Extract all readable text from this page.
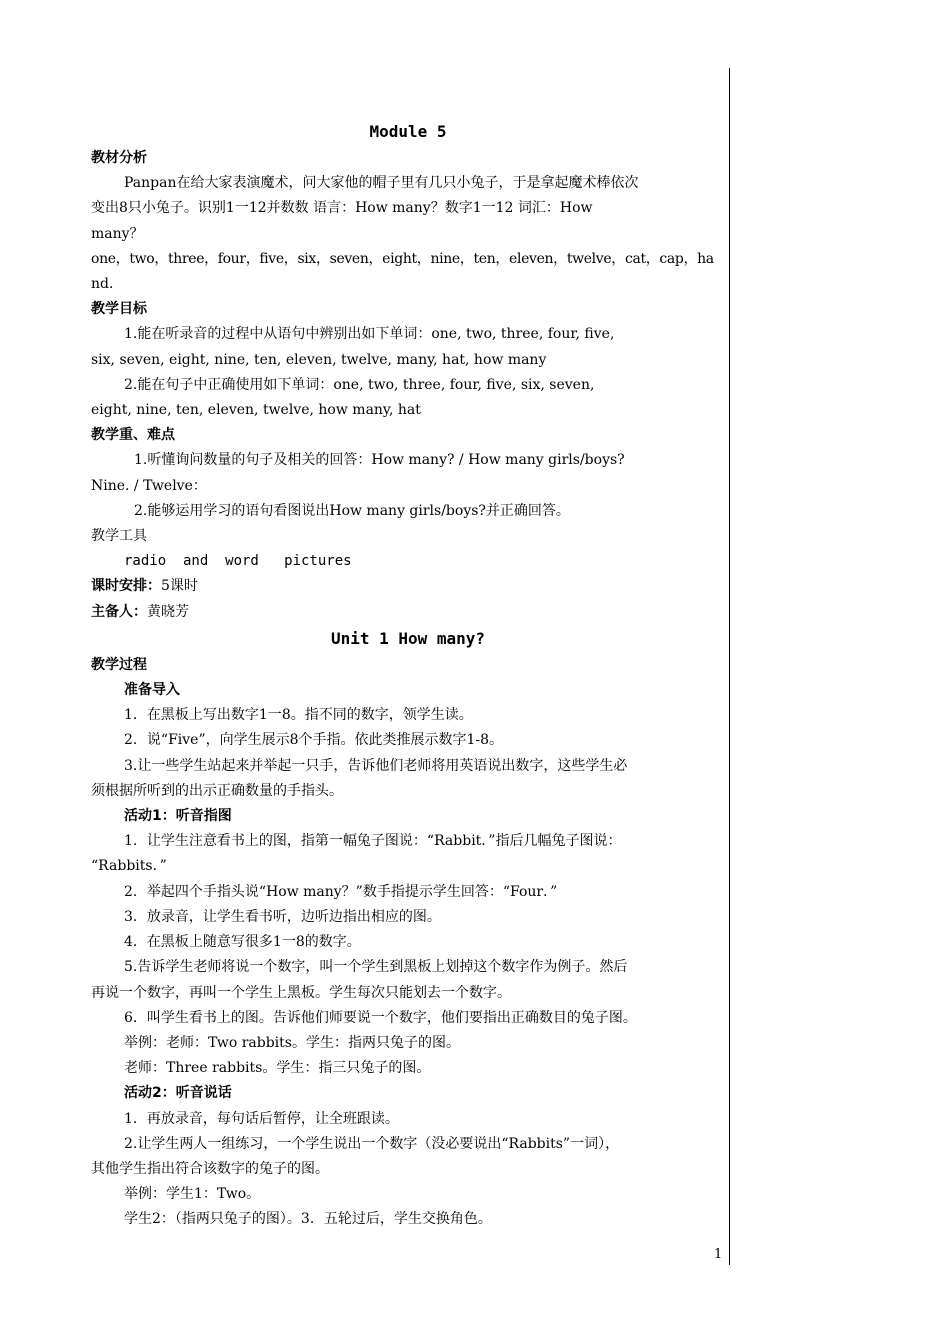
Module 5
教材分析
Panpan在给大家表演魔术，问大家他的帽子里有几只小兔子，于是拿起魔术棒依次
变出8只小兔子。识别1一12并数数 语言：How many？数字1一12 词汇：How
many？
one，two，three，four，five，six，seven，eight，nine，ten，eleven，twelve，cat，cap，ha
nd.
教学目标
1.能在听录音的过程中从语句中辨别出如下单词：one, two, three, four, five,
six, seven, eight, nine, ten, eleven, twelve, many, hat, how many
2.能在句子中正确使用如下单词：one, two, three, four, five, six, seven,
eight, nine, ten, eleven, twelve, how many, hat
教学重、难点
1.听懂询问数量的句子及相关的回答：How many? / How many girls/boys?
Nine. / Twelve：
2.能够运用学习的语句看图说出How many girls/boys?并正确回答。
教学工具
radio  and  word   pictures
课时安排：5课时
主备人：黄晓芳
Unit 1 How many?
教学过程
准备导入
1．在黑板上写出数字1一8。指不同的数字，领学生读。
2．说“Five”，向学生展示8个手指。依此类推展示数字1-8。
3.让一些学生站起来并举起一只手，告诉他们老师将用英语说出数字，这些学生必
须根据所听到的出示正确数量的手指头。
活动1：听音指图
1．让学生注意看书上的图，指第一幅兔子图说：“Rabbit．”指后几幅兔子图说：
“Rabbits．”
2．举起四个手指头说“How many？”数手指提示学生回答：“Four．”
3．放录音，让学生看书听，边听边指出相应的图。
4．在黑板上随意写很多1一8的数字。
5.告诉学生老师将说一个数字，叫一个学生到黑板上划掉这个数字作为例子。然后
再说一个数字，再叫一个学生上黑板。学生每次只能划去一个数字。
6．叫学生看书上的图。告诉他们师要说一个数字，他们要指出正确数目的兔子图。
举例：老师：Two rabbits。学生：指两只兔子的图。
老师：Three rabbits。学生：指三只兔子的图。
活动2：听音说话
1．再放录音，每句话后暂停，让全班跟读。
2.让学生两人一组练习，一个学生说出一个数字（没必要说出“Rabbits”一词），
其他学生指出符合该数字的兔子的图。
举例：学生1：Two。
学生2：（指两只兔子的图）。3．五轮过后，学生交换角色。
1
